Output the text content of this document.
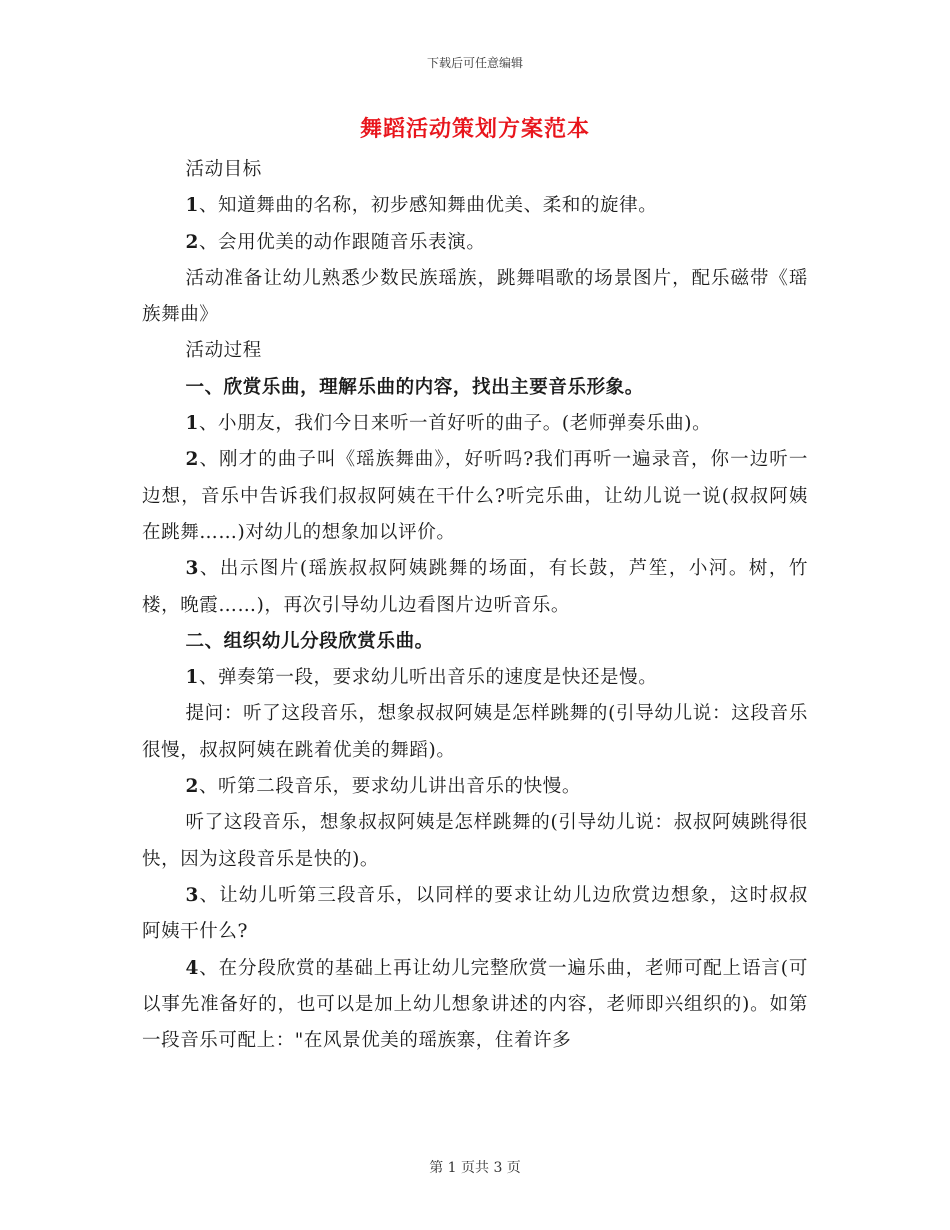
下载后可任意编辑
舞蹈活动策划方案范本

活动目标

1、知道舞曲的名称，初步感知舞曲优美、柔和的旋律。

2、会用优美的动作跟随音乐表演。

活动准备让幼儿熟悉少数民族瑶族，跳舞唱歌的场景图片，配乐磁带《瑶族舞曲》

活动过程

一、欣赏乐曲，理解乐曲的内容，找出主要音乐形象。

1、小朋友，我们今日来听一首好听的曲子。(老师弹奏乐曲)。

2、刚才的曲子叫《瑶族舞曲》，好听吗?我们再听一遍录音，你一边听一边想，音乐中告诉我们叔叔阿姨在干什么?听完乐曲，让幼儿说一说(叔叔阿姨在跳舞……)对幼儿的想象加以评价。

3、出示图片(瑶族叔叔阿姨跳舞的场面，有长鼓，芦笙，小河。树，竹楼，晚霞……)，再次引导幼儿边看图片边听音乐。

二、组织幼儿分段欣赏乐曲。

1、弹奏第一段，要求幼儿听出音乐的速度是快还是慢。

提问：听了这段音乐，想象叔叔阿姨是怎样跳舞的(引导幼儿说：这段音乐很慢，叔叔阿姨在跳着优美的舞蹈)。

2、听第二段音乐，要求幼儿讲出音乐的快慢。

听了这段音乐，想象叔叔阿姨是怎样跳舞的(引导幼儿说：叔叔阿姨跳得很快，因为这段音乐是快的)。

3、让幼儿听第三段音乐，以同样的要求让幼儿边欣赏边想象，这时叔叔阿姨干什么?

4、在分段欣赏的基础上再让幼儿完整欣赏一遍乐曲，老师可配上语言(可以事先准备好的，也可以是加上幼儿想象讲述的内容，老师即兴组织的)。如第一段音乐可配上："在风景优美的瑶族寨，住着许多

第 1 页共 3 页
